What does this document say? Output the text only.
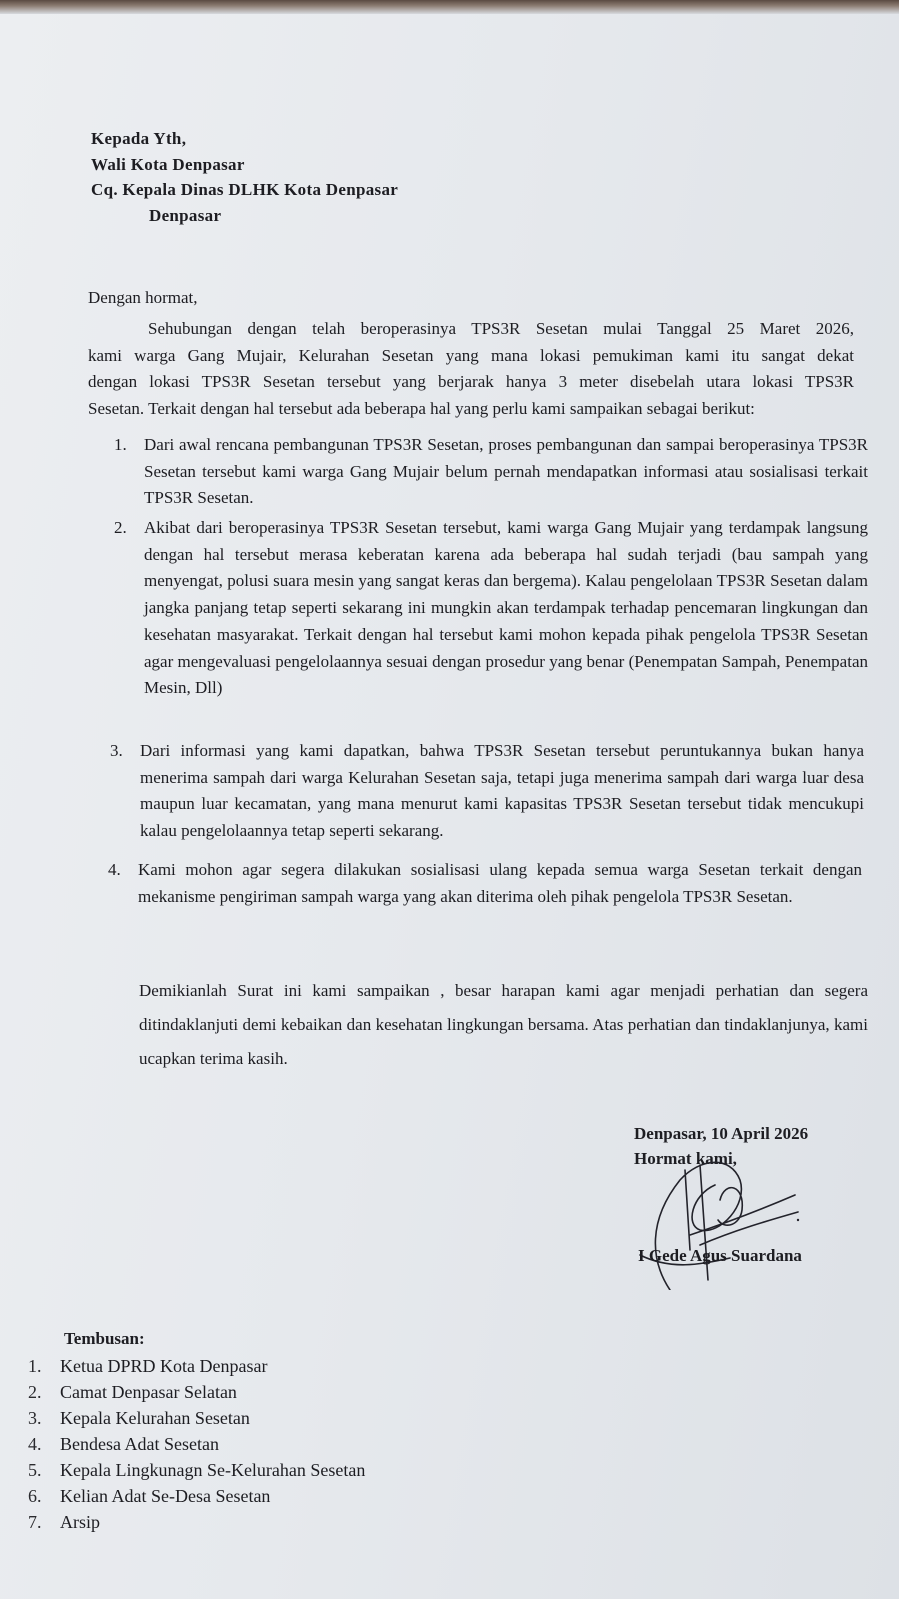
Kepada Yth,
Wali Kota Denpasar
Cq. Kepala Dinas DLHK Kota Denpasar
Denpasar
Dengan hormat,
Sehubungan dengan telah beroperasinya TPS3R Sesetan mulai Tanggal 25 Maret 2026,
kami warga Gang Mujair, Kelurahan Sesetan yang mana lokasi pemukiman kami itu sangat dekat
dengan lokasi TPS3R Sesetan tersebut yang berjarak hanya 3 meter disebelah utara lokasi TPS3R
Sesetan. Terkait dengan hal tersebut ada beberapa hal yang perlu kami sampaikan sebagai berikut:
1. Dari awal rencana pembangunan TPS3R Sesetan, proses pembangunan dan sampai beroperasinya TPS3R Sesetan tersebut kami warga Gang Mujair belum pernah mendapatkan informasi atau sosialisasi terkait TPS3R Sesetan.
2. Akibat dari beroperasinya TPS3R Sesetan tersebut, kami warga Gang Mujair yang terdampak langsung dengan hal tersebut merasa keberatan karena ada beberapa hal sudah terjadi (bau sampah yang menyengat, polusi suara mesin yang sangat keras dan bergema). Kalau pengelolaan TPS3R Sesetan dalam jangka panjang tetap seperti sekarang ini mungkin akan terdampak terhadap pencemaran lingkungan dan kesehatan masyarakat. Terkait dengan hal tersebut kami mohon kepada pihak pengelola TPS3R Sesetan agar mengevaluasi pengelolaannya sesuai dengan prosedur yang benar (Penempatan Sampah, Penempatan Mesin, Dll)
3. Dari informasi yang kami dapatkan, bahwa TPS3R Sesetan tersebut peruntukannya bukan hanya menerima sampah dari warga Kelurahan Sesetan saja, tetapi juga menerima sampah dari warga luar desa maupun luar kecamatan, yang mana menurut kami kapasitas TPS3R Sesetan tersebut tidak mencukupi kalau pengelolaannya tetap seperti sekarang.
4. Kami mohon agar segera dilakukan sosialisasi ulang kepada semua warga Sesetan terkait dengan mekanisme pengiriman sampah warga yang akan diterima oleh pihak pengelola TPS3R Sesetan.
Demikianlah Surat ini kami sampaikan , besar harapan kami agar menjadi perhatian dan segera ditindaklanjuti demi kebaikan dan kesehatan lingkungan bersama. Atas perhatian dan tindaklanjunya, kami ucapkan terima kasih.
Denpasar, 10 April 2026
Hormat kami,
I Gede Agus Suardana
Tembusan:
1. Ketua DPRD Kota Denpasar
2. Camat Denpasar Selatan
3. Kepala Kelurahan Sesetan
4. Bendesa Adat Sesetan
5. Kepala Lingkunagn Se-Kelurahan Sesetan
6. Kelian Adat Se-Desa Sesetan
7. Arsip
